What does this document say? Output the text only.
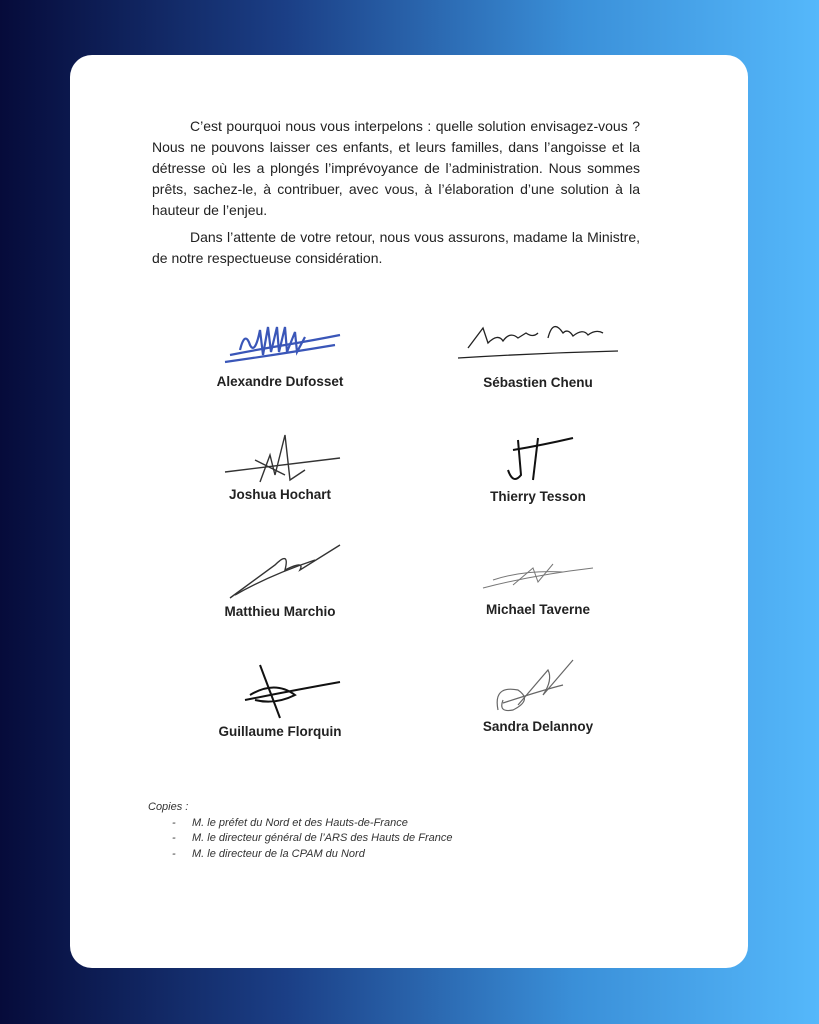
C’est pourquoi nous vous interpelons : quelle solution envisagez-vous ? Nous ne pouvons laisser ces enfants, et leurs familles, dans l’angoisse et la détresse où les a plongés l’imprévoyance de l’administration. Nous sommes prêts, sachez-le, à contribuer, avec vous, à l’élaboration d’une solution à la hauteur de l’enjeu.

Dans l’attente de votre retour, nous vous assurons, madame la Ministre, de notre respectueuse considération.

Alexandre Dufosset
Joshua Hochart
Matthieu Marchio
Guillaume Florquin
Sébastien Chenu
Thierry Tesson
Michael Taverne
Sandra Delannoy
Copies :
- M. le préfet du Nord et des Hauts-de-France
- M. le directeur général de l’ARS des Hauts de France
- M. le directeur de la CPAM du Nord
